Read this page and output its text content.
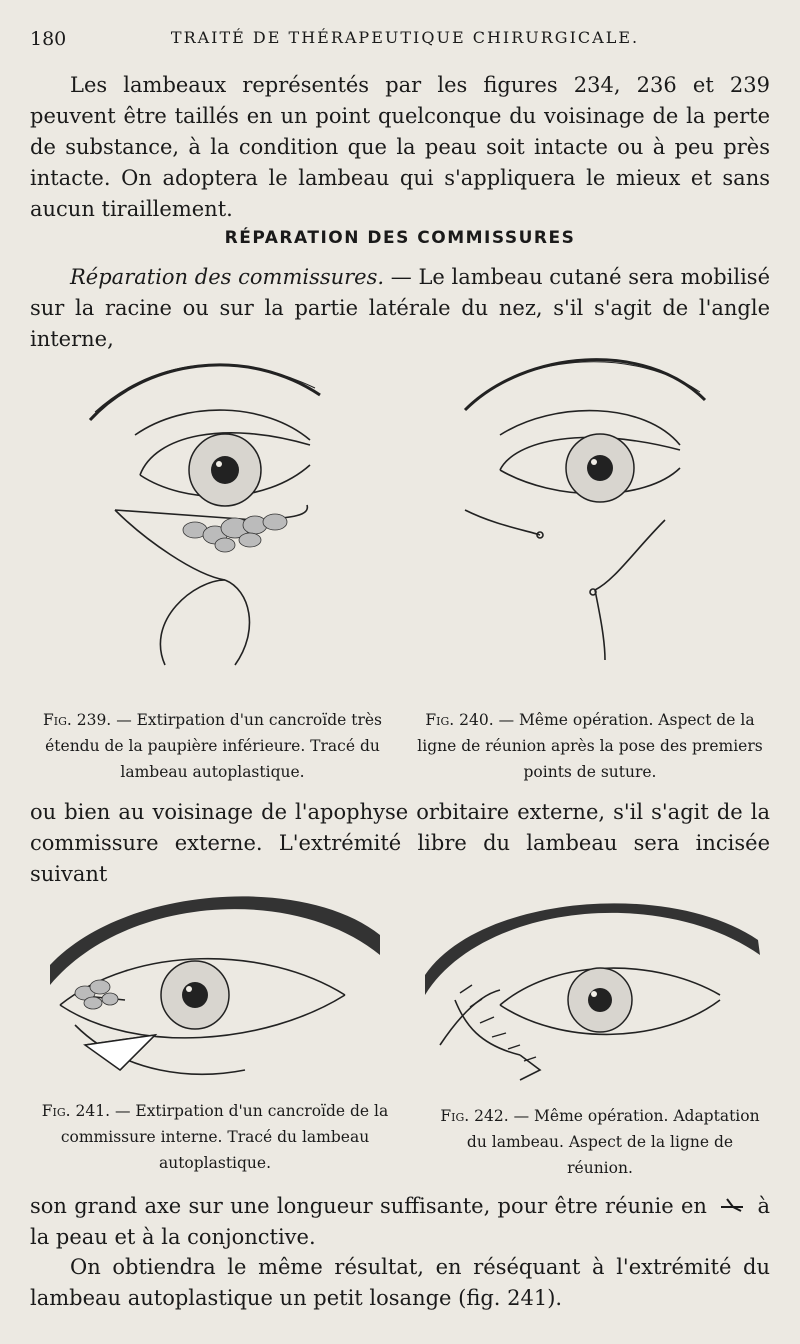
180	TRAITÉ DE THÉRAPEUTIQUE CHIRURGICALE.

Les lambeaux représentés par les figures 234, 236 et 239 peuvent être taillés en un point quelconque du voisinage de la perte de substance, à la condition que la peau soit intacte ou à peu près intacte. On adoptera le lambeau qui s'appliquera le mieux et sans aucun tiraillement.

RÉPARATION DES COMMISSURES

Réparation des commissures. — Le lambeau cutané sera mobilisé sur la racine ou sur la partie latérale du nez, s'il s'agit de l'angle interne,

Fig. 239. — Extirpation d'un cancroïde très étendu de la paupière inférieure. Tracé du lambeau autoplastique.
Fig. 240. — Même opération. Aspect de la ligne de réunion après la pose des premiers points de suture.

ou bien au voisinage de l'apophyse orbitaire externe, s'il s'agit de la commissure externe. L'extrémité libre du lambeau sera incisée suivant

Fig. 241. — Extirpation d'un cancroïde de la commissure interne. Tracé du lambeau autoplastique.
Fig. 242. — Même opération. Adaptation du lambeau. Aspect de la ligne de réunion.

son grand axe sur une longueur suffisante, pour être réunie en à la peau et à la conjonctive.

On obtiendra le même résultat, en réséquant à l'extrémité du lambeau autoplastique un petit losange (fig. 241).
